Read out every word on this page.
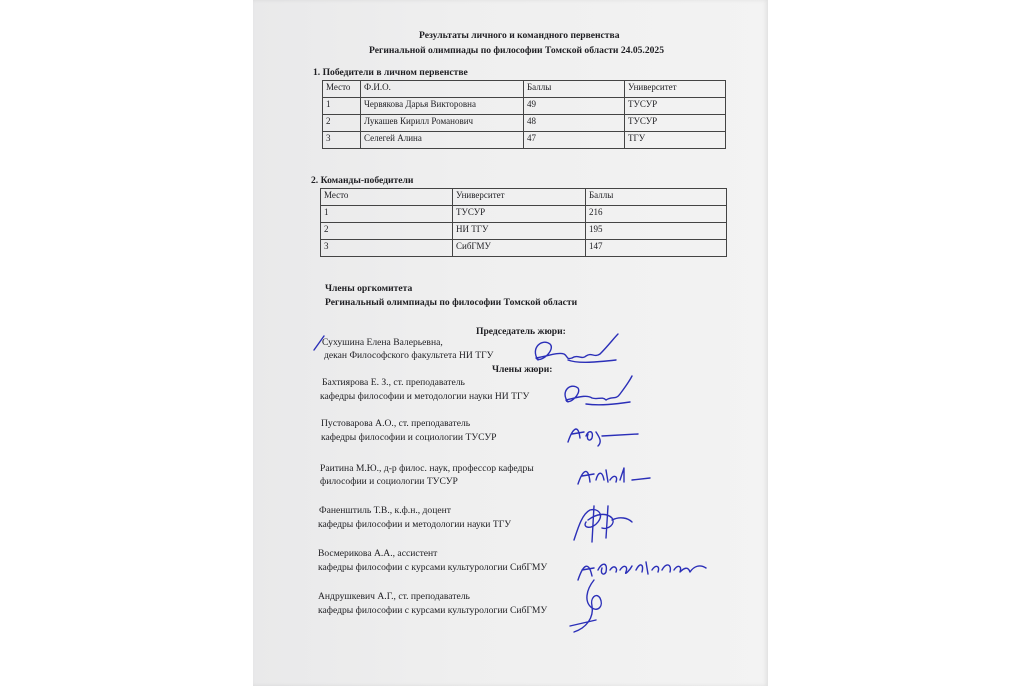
Результаты личного и командного первенства
Регинальной олимпиады по философии Томской области 24.05.2025
1. Победители в личном первенстве
Место	Ф.И.О.	Баллы	Университет
1	Червякова Дарья Викторовна	49	ТУСУР
2	Лукашев Кирилл Романович	48	ТУСУР
3	Селегей Алина	47	ТГУ
2. Команды-победители
Место	Университет	Баллы
1	ТУСУР	216
2	НИ ТГУ	195
3	СибГМУ	147
Члены оргкомитета
Регинальный олимпиады по философии Томской области
Председатель жюри:
Сухушина Елена Валерьевна,
декан Философского факультета НИ ТГУ
Члены жюри:
Бахтиярова Е. З., ст. преподаватель
кафедры философии и методологии науки НИ ТГУ
Пустоварова А.О., ст. преподаватель
кафедры философии и социологии ТУСУР
Раитина М.Ю., д-р филос. наук, профессор кафедры
философии и социологии ТУСУР
Фаненштиль Т.В., к.ф.н., доцент
кафедры философии и методологии науки ТГУ
Восмерикова А.А., ассистент
кафедры философии с курсами культурологии СибГМУ
Андрушкевич А.Г., ст. преподаватель
кафедры философии с курсами культурологии СибГМУ
